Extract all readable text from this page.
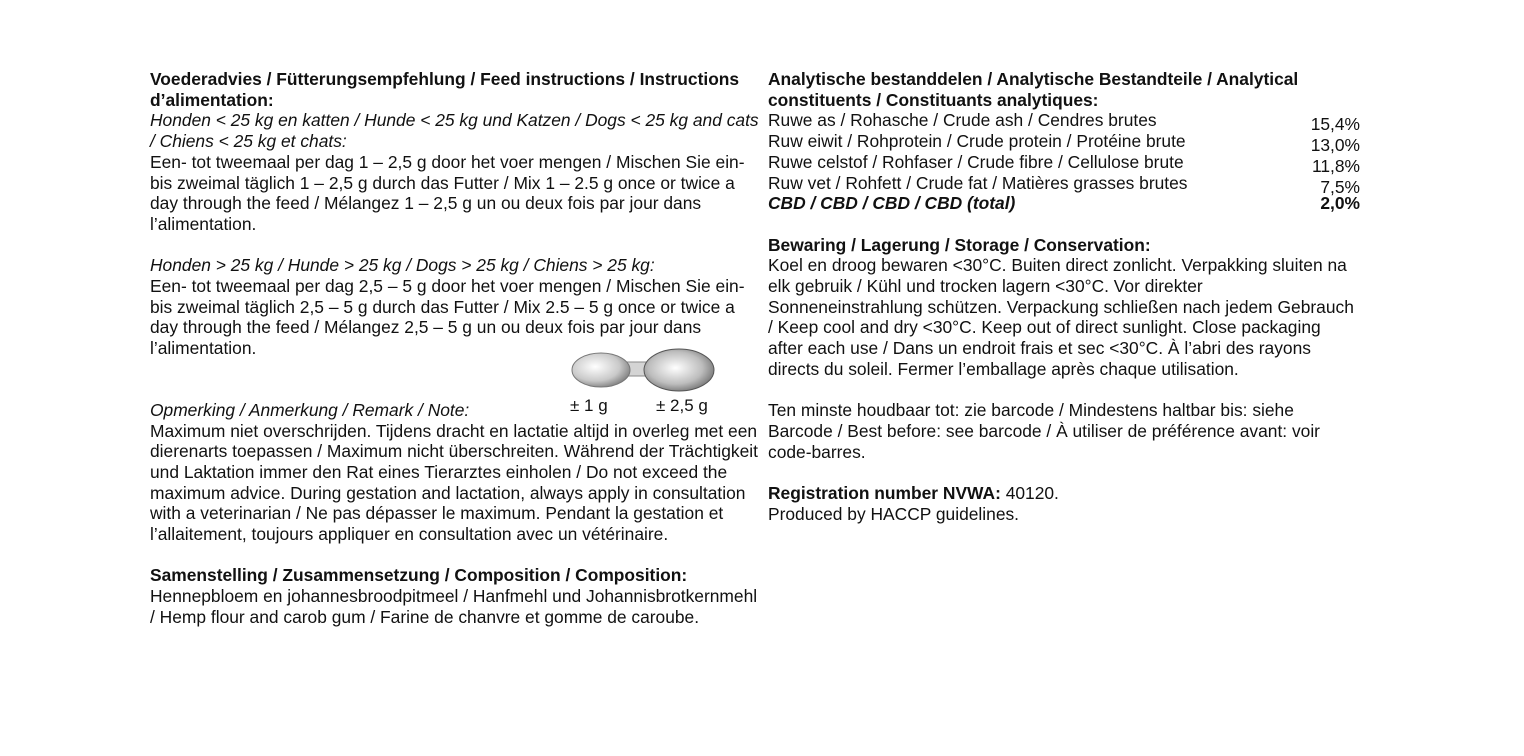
Voederadvies / Fütterungsempfehlung / Feed instructions / Instructions d’alimentation:

Honden < 25 kg en katten / Hunde < 25 kg und Katzen / Dogs < 25 kg and cats / Chiens < 25 kg et chats:

Een- tot tweemaal per dag 1 – 2,5 g door het voer mengen / Mischen Sie ein- bis zweimal täglich 1 – 2,5 g durch das Futter / Mix 1 – 2.5 g once or twice a day through the feed / Mélangez 1 – 2,5 g un ou deux fois par jour dans l’alimentation.

Honden > 25 kg / Hunde > 25 kg / Dogs > 25 kg / Chiens > 25 kg:

Een- tot tweemaal per dag 2,5 – 5 g door het voer mengen / Mischen Sie ein- bis zweimal täglich 2,5 – 5 g durch das Futter / Mix 2.5 – 5 g once or twice a day through the feed / Mélangez 2,5 – 5 g un ou deux fois par jour dans l’alimentation.

Opmerking / Anmerkung / Remark / Note:

Maximum niet overschrijden. Tijdens dracht en lactatie altijd in overleg met een dierenarts toepassen / Maximum nicht überschreiten. Während der Trächtigkeit und Laktation immer den Rat eines Tierarztes einholen / Do not exceed the maximum advice. During gestation and lactation, always apply in consultation with a veterinarian / Ne pas dépasser le maximum. Pendant la gestation et l’allaitement, toujours appliquer en consultation avec un vétérinaire.

Samenstelling / Zusammensetzung / Composition / Composition:

Hennepbloem en johannesbroodpitmeel / Hanfmehl und Johannisbrotkernmehl / Hemp flour and carob gum / Farine de chanvre et gomme de caroube.

± 1 g	± 2,5 g

Analytische bestanddelen / Analytische Bestandteile / Analytical constituents / Constituants analytiques:

Ruwe as / Rohasche / Crude ash / Cendres brutes	15,4%
Ruw eiwit / Rohprotein / Crude protein / Protéine brute	13,0%
Ruwe celstof / Rohfaser / Crude fibre / Cellulose brute	11,8%
Ruw vet / Rohfett / Crude fat / Matières grasses brutes	7,5%
CBD / CBD / CBD / CBD (total)	2,0%

Bewaring / Lagerung / Storage / Conservation:

Koel en droog bewaren <30°C. Buiten direct zonlicht. Verpakking sluiten na elk gebruik / Kühl und trocken lagern <30°C. Vor direkter Sonneneinstrahlung schützen. Verpackung schließen nach jedem Gebrauch / Keep cool and dry <30°C. Keep out of direct sunlight. Close packaging after each use / Dans un endroit frais et sec <30°C. À l’abri des rayons directs du soleil. Fermer l’emballage après chaque utilisation.

Ten minste houdbaar tot: zie barcode / Mindestens haltbar bis: siehe Barcode / Best before: see barcode / À utiliser de préférence avant: voir code-barres.

Registration number NVWA: 40120.

Produced by HACCP guidelines.
